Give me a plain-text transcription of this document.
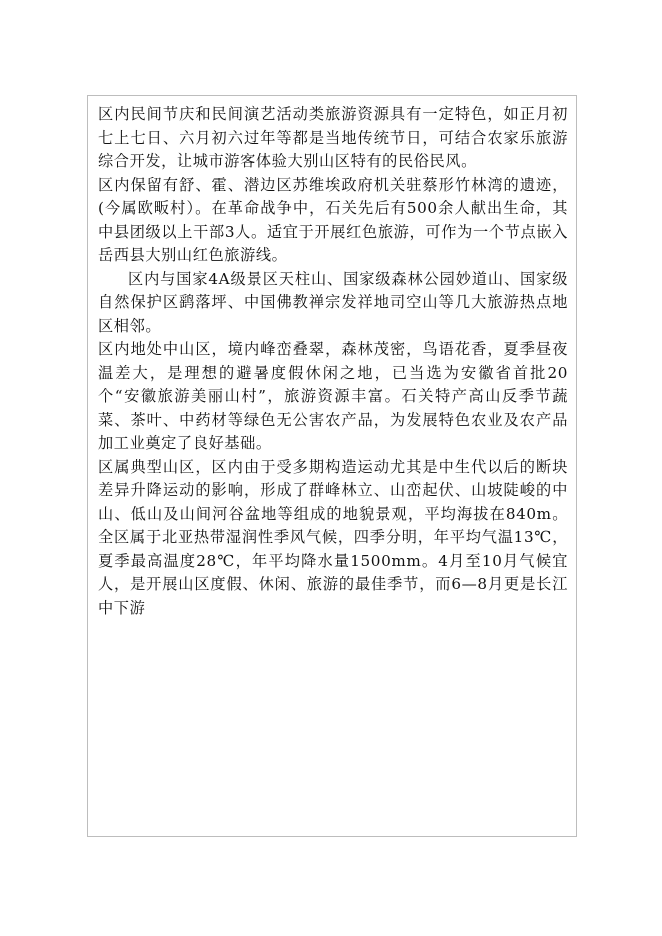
区内民间节庆和民间演艺活动类旅游资源具有一定特色，如正月初七上七日、六月初六过年等都是当地传统节日，可结合农家乐旅游综合开发，让城市游客体验大别山区特有的民俗民风。

区内保留有舒、霍、潜边区苏维埃政府机关驻蔡形竹林湾的遗迹，(今属欧畈村）。在革命战争中，石关先后有500余人献出生命，其中县团级以上干部3人。适宜于开展红色旅游，可作为一个节点嵌入岳西县大别山红色旅游线。

区内与国家4A级景区天柱山、国家级森林公园妙道山、国家级自然保护区鹞落坪、中国佛教禅宗发祥地司空山等几大旅游热点地区相邻。

区内地处中山区，境内峰峦叠翠，森林茂密，鸟语花香，夏季昼夜温差大，是理想的避暑度假休闲之地，已当选为安徽省首批20个“安徽旅游美丽山村”，旅游资源丰富。石关特产高山反季节蔬菜、茶叶、中药材等绿色无公害农产品，为发展特色农业及农产品加工业奠定了良好基础。

区属典型山区，区内由于受多期构造运动尤其是中生代以后的断块差异升降运动的影响，形成了群峰林立、山峦起伏、山坡陡峻的中山、低山及山间河谷盆地等组成的地貌景观，平均海拔在840m。全区属于北亚热带湿润性季风气候，四季分明，年平均气温13℃，夏季最高温度28℃，年平均降水量1500mm。4月至10月气候宜人，是开展山区度假、休闲、旅游的最佳季节，而6—8月更是长江中下游
